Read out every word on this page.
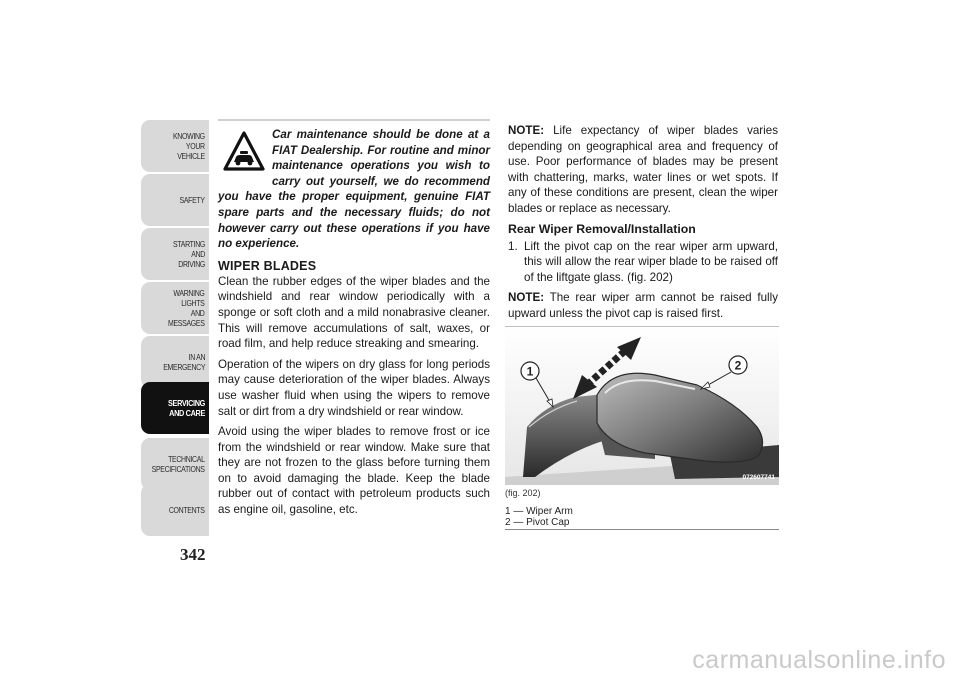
KNOWING
YOUR
VEHICLE
SAFETY
STARTING
AND
DRIVING
WARNING
LIGHTS
AND
MESSAGES
IN AN
EMERGENCY
SERVICING
AND CARE
TECHNICAL
SPECIFICATIONS
CONTENTS
342
Car maintenance should be done at a FIAT Dealership. For routine and minor maintenance operations you wish to carry out yourself, we do recommend you have the proper equipment, genuine FIAT spare parts and the necessary fluids; do not however carry out these operations if you have no experience.
WIPER BLADES

Clean the rubber edges of the wiper blades and the windshield and rear window periodically with a sponge or soft cloth and a mild nonabrasive cleaner. This will remove accumulations of salt, waxes, or road film, and help reduce streaking and smearing.

Operation of the wipers on dry glass for long periods may cause deterioration of the wiper blades. Always use washer fluid when using the wipers to remove salt or dirt from a dry windshield or rear window.

Avoid using the wiper blades to remove frost or ice from the windshield or rear window. Make sure that they are not frozen to the glass before turning them on to avoid damaging the blade. Keep the blade rubber out of contact with petroleum products such as engine oil, gasoline, etc.

NOTE: Life expectancy of wiper blades varies depending on geographical area and frequency of use. Poor performance of blades may be present with chattering, marks, water lines or wet spots. If any of these conditions are present, clean the wiper blades or replace as necessary.

Rear Wiper Removal/Installation
1. Lift the pivot cap on the rear wiper arm upward, this will allow the rear wiper blade to be raised off of the liftgate glass. (fig. 202)

NOTE: The rear wiper arm cannot be raised fully upward unless the pivot cap is raised first.

1	2
072607741
(fig. 202)
1 — Wiper Arm
2 — Pivot Cap
carmanualsonline.info
